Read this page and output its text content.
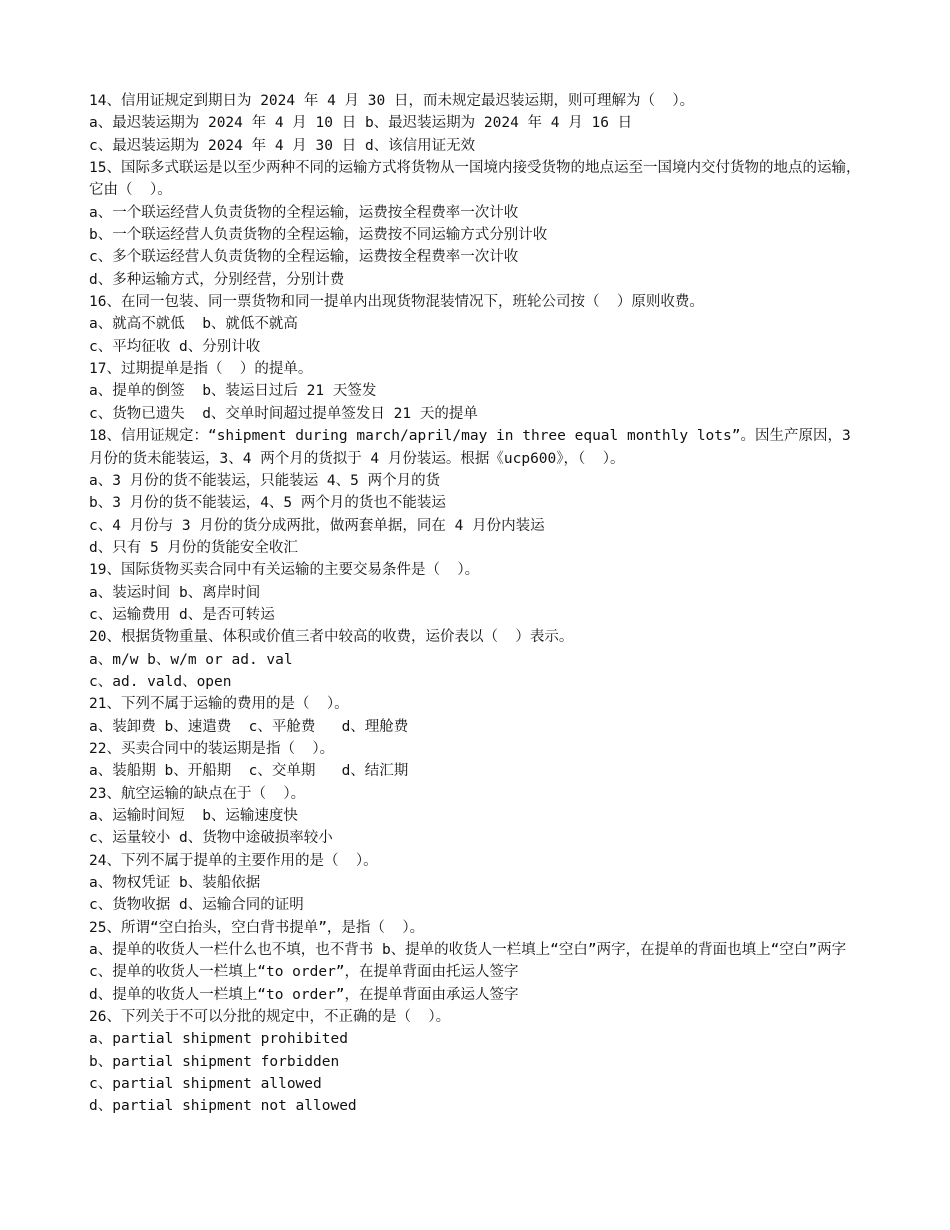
14、信用证规定到期日为 2024 年 4 月 30 日，而未规定最迟装运期，则可理解为（  ）。
a、最迟装运期为 2024 年 4 月 10 日 b、最迟装运期为 2024 年 4 月 16 日
c、最迟装运期为 2024 年 4 月 30 日 d、该信用证无效
15、国际多式联运是以至少两种不同的运输方式将货物从一国境内接受货物的地点运至一国境内交付货物的地点的运输，它由（  ）。
a、一个联运经营人负责货物的全程运输，运费按全程费率一次计收
b、一个联运经营人负责货物的全程运输，运费按不同运输方式分别计收
c、多个联运经营人负责货物的全程运输，运费按全程费率一次计收
d、多种运输方式，分别经营，分别计费
16、在同一包装、同一票货物和同一提单内出现货物混装情况下，班轮公司按（  ）原则收费。
a、就高不就低  b、就低不就高
c、平均征收 d、分别计收
17、过期提单是指（  ）的提单。
a、提单的倒签  b、装运日过后 21 天签发
c、货物已遗失  d、交单时间超过提单签发日 21 天的提单
18、信用证规定：“shipment during march/april/may in three equal monthly lots”。因生产原因，3 月份的货未能装运，3、4 两个月的货拟于 4 月份装运。根据《ucp600》，（  ）。
a、3 月份的货不能装运，只能装运 4、5 两个月的货
b、3 月份的货不能装运，4、5 两个月的货也不能装运
c、4 月份与 3 月份的货分成两批，做两套单据，同在 4 月份内装运
d、只有 5 月份的货能安全收汇
19、国际货物买卖合同中有关运输的主要交易条件是（  ）。
a、装运时间 b、离岸时间
c、运输费用 d、是否可转运
20、根据货物重量、体积或价值三者中较高的收费，运价表以（  ）表示。
a、m/w b、w/m or ad. val
c、ad. vald、open
21、下列不属于运输的费用的是（  ）。
a、装卸费 b、速遣费  c、平舱费   d、理舱费
22、买卖合同中的装运期是指（  ）。
a、装船期 b、开船期  c、交单期   d、结汇期
23、航空运输的缺点在于（  ）。
a、运输时间短  b、运输速度快
c、运量较小 d、货物中途破损率较小
24、下列不属于提单的主要作用的是（  ）。
a、物权凭证 b、装船依据
c、货物收据 d、运输合同的证明
25、所谓“空白抬头，空白背书提单”，是指（  ）。
a、提单的收货人一栏什么也不填，也不背书 b、提单的收货人一栏填上“空白”两字，在提单的背面也填上“空白”两字
c、提单的收货人一栏填上“to order”，在提单背面由托运人签字
d、提单的收货人一栏填上“to order”，在提单背面由承运人签字
26、下列关于不可以分批的规定中，不正确的是（  ）。
a、partial shipment prohibited
b、partial shipment forbidden
c、partial shipment allowed
d、partial shipment not allowed
